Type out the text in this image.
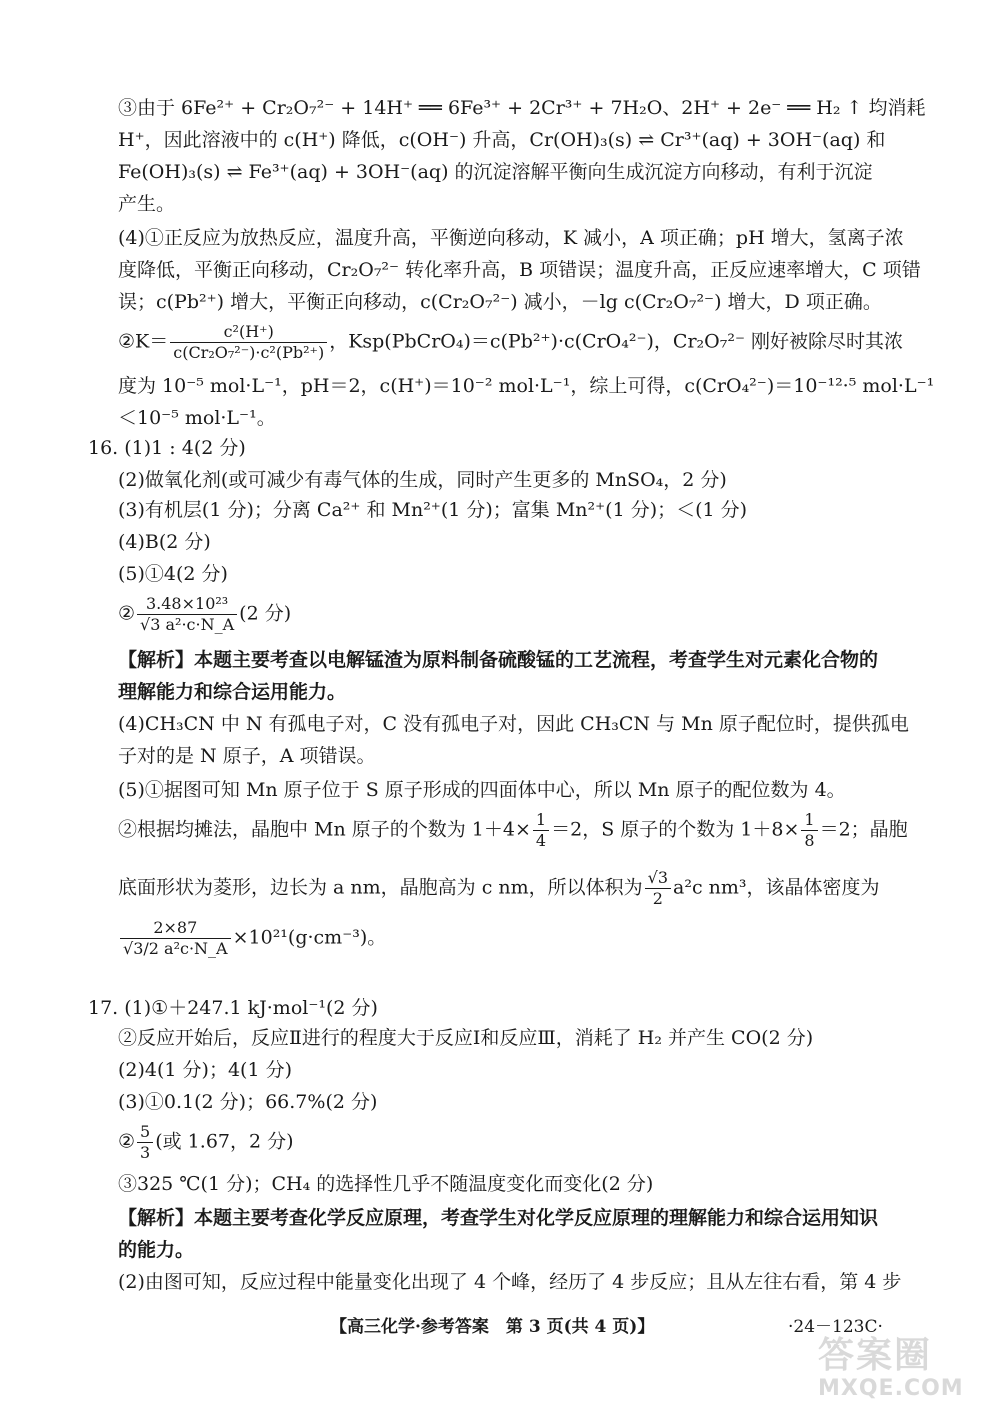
③由于 6Fe²⁺ + Cr₂O₇²⁻ + 14H⁺ ══ 6Fe³⁺ + 2Cr³⁺ + 7H₂O、2H⁺ + 2e⁻ ══ H₂ ↑ 均消耗
H⁺，因此溶液中的 c(H⁺) 降低，c(OH⁻) 升高，Cr(OH)₃(s) ⇌ Cr³⁺(aq) + 3OH⁻(aq) 和
Fe(OH)₃(s) ⇌ Fe³⁺(aq) + 3OH⁻(aq) 的沉淀溶解平衡向生成沉淀方向移动，有利于沉淀
产生。
(4)①正反应为放热反应，温度升高，平衡逆向移动，K 减小，A 项正确；pH 增大，氢离子浓
度降低，平衡正向移动，Cr₂O₇²⁻ 转化率升高，B 项错误；温度升高，正反应速率增大，C 项错
误；c(Pb²⁺) 增大，平衡正向移动，c(Cr₂O₇²⁻) 减小，－lg c(Cr₂O₇²⁻) 增大，D 项正确。
②K＝ $\frac{\text{c²(H⁺)}}{\text{c(Cr₂O₇²⁻)·c²(Pb²⁺)}}$ ，Ksp(PbCrO₄)＝c(Pb²⁺)·c(CrO₄²⁻)，Cr₂O₇²⁻ 刚好被除尽时其浓
度为 10⁻⁵ mol·L⁻¹，pH＝2，c(H⁺)＝10⁻² mol·L⁻¹，综上可得，c(CrO₄²⁻)＝10⁻¹²·⁵ mol·L⁻¹
＜10⁻⁵ mol·L⁻¹。
16. (1)1 : 4(2 分)
(2)做氧化剂(或可减少有毒气体的生成，同时产生更多的 MnSO₄，2 分)
(3)有机层(1 分)；分离 Ca²⁺ 和 Mn²⁺(1 分)；富集 Mn²⁺(1 分)；＜(1 分)
(4)B(2 分)
(5)①4(2 分)
② $\frac{\text{3.48×10²³}}{\text{√3 a²·c·N\_A}} (2$ 分)
【解析】本题主要考查以电解锰渣为原料制备硫酸锰的工艺流程，考查学生对元素化合物的
理解能力和综合运用能力。
(4)CH₃CN 中 N 有孤电子对，C 没有孤电子对，因此 CH₃CN 与 Mn 原子配位时，提供孤电
子对的是 N 原子，A 项错误。
(5)①据图可知 Mn 原子位于 S 原子形成的四面体中心，所以 Mn 原子的配位数为 4。
②根据均摊法，晶胞中 Mn 原子的个数为 $1+4\times \frac{1}{4} =2$，S 原子的个数为 $1+8\times \frac{1}{8} =2$；晶胞
底面形状为菱形，边长为 a nm，晶胞高为 c nm，所以体积为 $\frac{√3}{2} a^2c$ nm³，该晶体密度为
$\frac{2\times 87}{\text{√3/2 a²c·N\_A}} \times 10^{21}(g\cdot cm^{-3})$。
17. (1)①＋247.1 kJ·mol⁻¹(2 分)
②反应开始后，反应Ⅱ进行的程度大于反应Ⅰ和反应Ⅲ，消耗了 H₂ 并产生 CO(2 分)
(2)4(1 分)；4(1 分)
(3)①0.1(2 分)；66.7%(2 分)
② $\frac{5}{3}$ (或 1.67，2 分)
③325 ℃(1 分)；CH₄ 的选择性几乎不随温度变化而变化(2 分)
【解析】本题主要考查化学反应原理，考查学生对化学反应原理的理解能力和综合运用知识
的能力。
(2)由图可知，反应过程中能量变化出现了 4 个峰，经历了 4 步反应；且从左往右看，第 4 步
【高三化学·参考答案　第 3 页(共 4 页)】	·24－123C·
答案圈
MXQE.COM
